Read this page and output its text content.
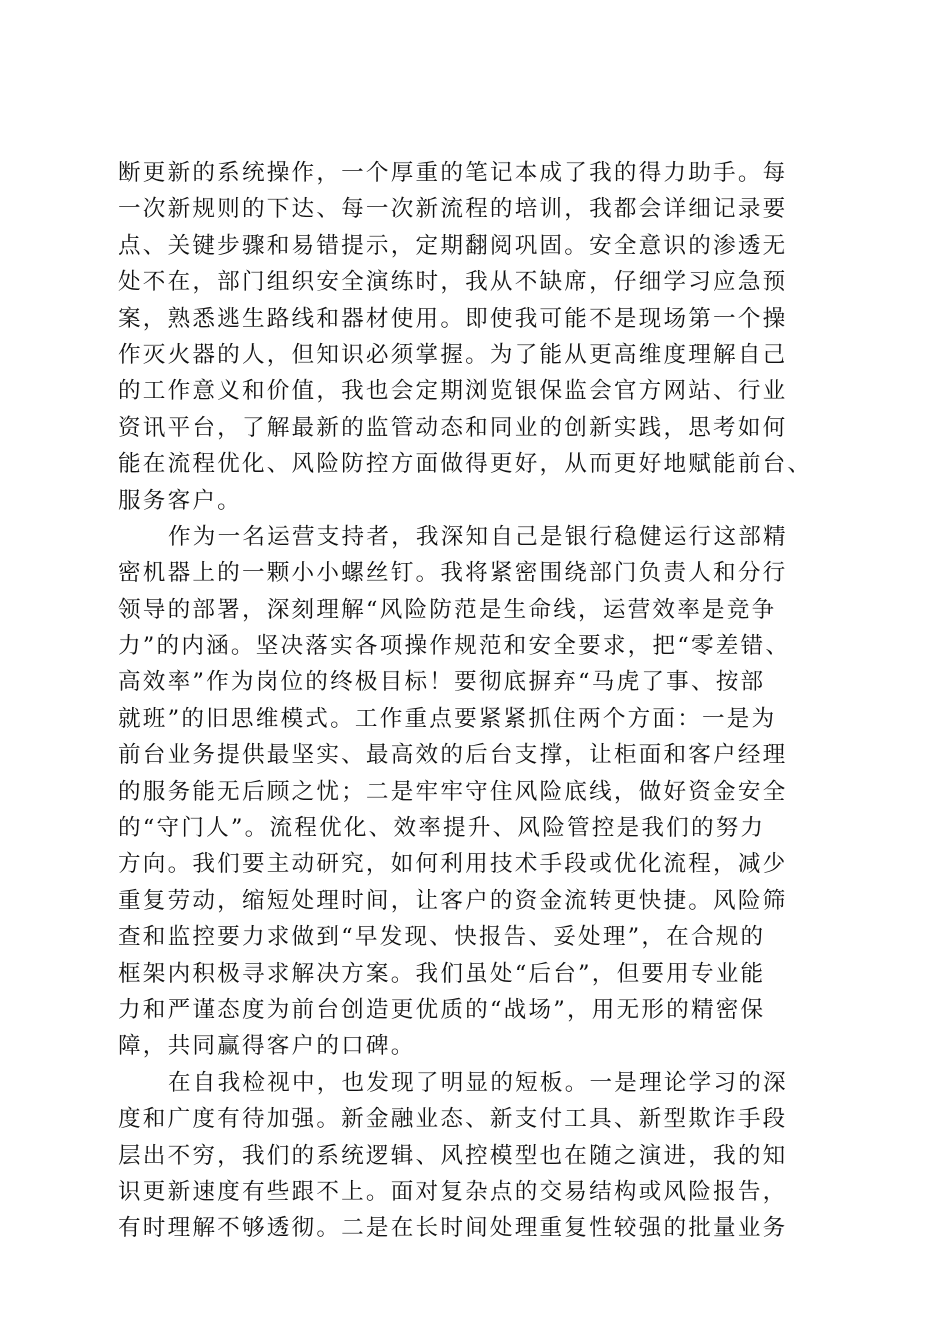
断更新的系统操作，一个厚重的笔记本成了我的得力助手。每
一次新规则的下达、每一次新流程的培训，我都会详细记录要
点、关键步骤和易错提示，定期翻阅巩固。安全意识的渗透无
处不在，部门组织安全演练时，我从不缺席，仔细学习应急预
案，熟悉逃生路线和器材使用。即使我可能不是现场第一个操
作灭火器的人，但知识必须掌握。为了能从更高维度理解自己
的工作意义和价值，我也会定期浏览银保监会官方网站、行业
资讯平台，了解最新的监管动态和同业的创新实践，思考如何
能在流程优化、风险防控方面做得更好，从而更好地赋能前台、
服务客户。
作为一名运营支持者，我深知自己是银行稳健运行这部精
密机器上的一颗小小螺丝钉。我将紧密围绕部门负责人和分行
领导的部署，深刻理解“风险防范是生命线，运营效率是竞争
力”的内涵。坚决落实各项操作规范和安全要求，把“零差错、
高效率”作为岗位的终极目标！要彻底摒弃“马虎了事、按部
就班”的旧思维模式。工作重点要紧紧抓住两个方面：一是为
前台业务提供最坚实、最高效的后台支撑，让柜面和客户经理
的服务能无后顾之忧；二是牢牢守住风险底线，做好资金安全
的“守门人”。流程优化、效率提升、风险管控是我们的努力
方向。我们要主动研究，如何利用技术手段或优化流程，减少
重复劳动，缩短处理时间，让客户的资金流转更快捷。风险筛
查和监控要力求做到“早发现、快报告、妥处理”，在合规的
框架内积极寻求解决方案。我们虽处“后台”，但要用专业能
力和严谨态度为前台创造更优质的“战场”，用无形的精密保
障，共同赢得客户的口碑。
在自我检视中，也发现了明显的短板。一是理论学习的深
度和广度有待加强。新金融业态、新支付工具、新型欺诈手段
层出不穷，我们的系统逻辑、风控模型也在随之演进，我的知
识更新速度有些跟不上。面对复杂点的交易结构或风险报告，
有时理解不够透彻。二是在长时间处理重复性较强的批量业务
